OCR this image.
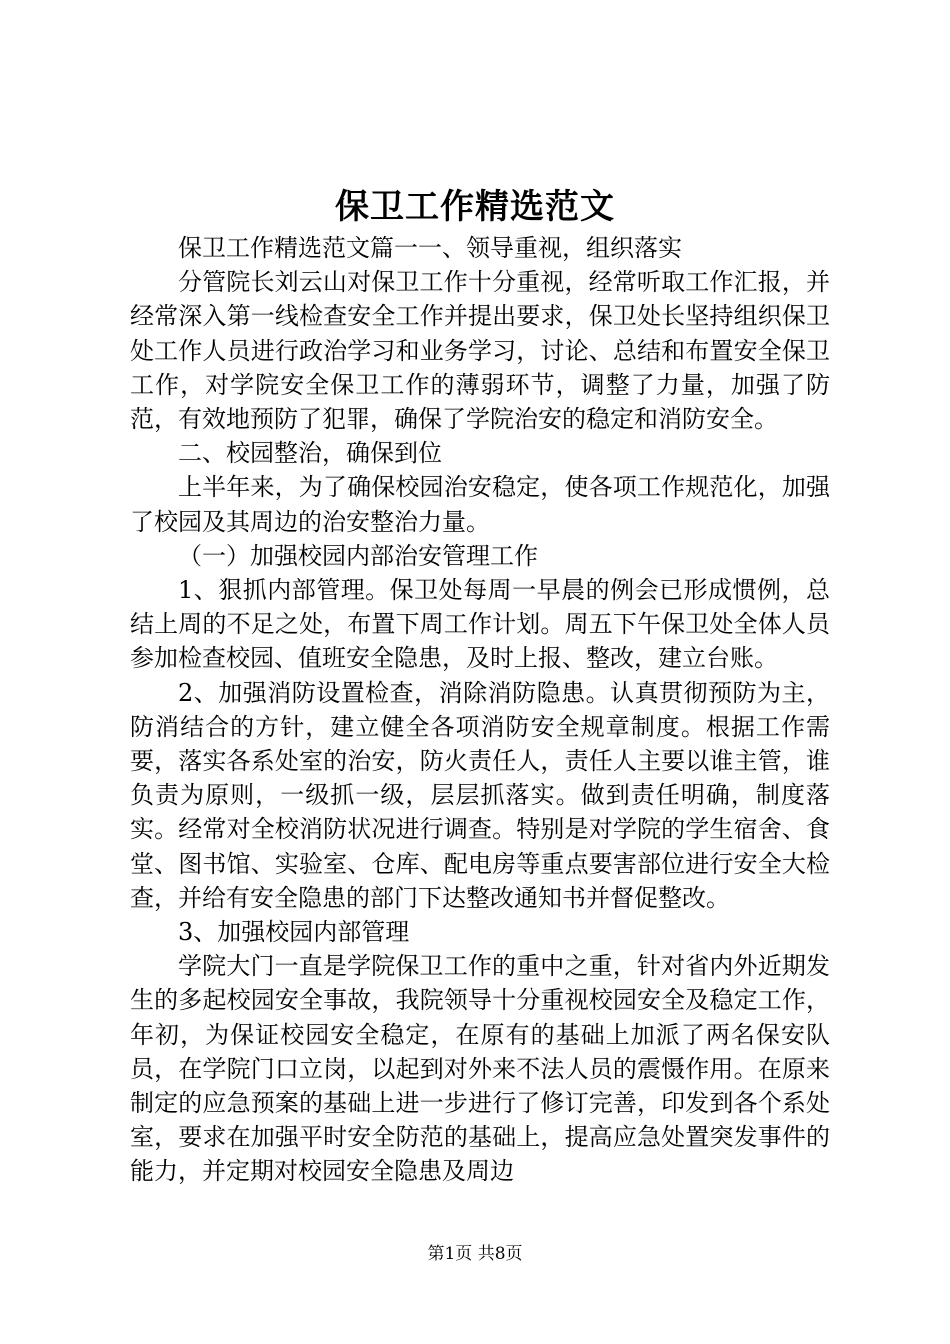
保卫工作精选范文

保卫工作精选范文篇一一、领导重视，组织落实

分管院长刘云山对保卫工作十分重视，经常听取工作汇报，并经常深入第一线检查安全工作并提出要求，保卫处长坚持组织保卫处工作人员进行政治学习和业务学习，讨论、总结和布置安全保卫工作，对学院安全保卫工作的薄弱环节，调整了力量，加强了防范，有效地预防了犯罪，确保了学院治安的稳定和消防安全。

二、校园整治，确保到位

上半年来，为了确保校园治安稳定，使各项工作规范化，加强了校园及其周边的治安整治力量。

（一）加强校园内部治安管理工作

1、狠抓内部管理。保卫处每周一早晨的例会已形成惯例，总结上周的不足之处，布置下周工作计划。周五下午保卫处全体人员参加检查校园、值班安全隐患，及时上报、整改，建立台账。

2、加强消防设置检查，消除消防隐患。认真贯彻预防为主，防消结合的方针，建立健全各项消防安全规章制度。根据工作需要，落实各系处室的治安，防火责任人，责任人主要以谁主管，谁负责为原则，一级抓一级，层层抓落实。做到责任明确，制度落实。经常对全校消防状况进行调查。特别是对学院的学生宿舍、食堂、图书馆、实验室、仓库、配电房等重点要害部位进行安全大检查，并给有安全隐患的部门下达整改通知书并督促整改。

3、加强校园内部管理

学院大门一直是学院保卫工作的重中之重，针对省内外近期发生的多起校园安全事故，我院领导十分重视校园安全及稳定工作，年初，为保证校园安全稳定，在原有的基础上加派了两名保安队员，在学院门口立岗，以起到对外来不法人员的震慑作用。在原来制定的应急预案的基础上进一步进行了修订完善，印发到各个系处室，要求在加强平时安全防范的基础上，提高应急处置突发事件的能力，并定期对校园安全隐患及周边

第1页 共8页
